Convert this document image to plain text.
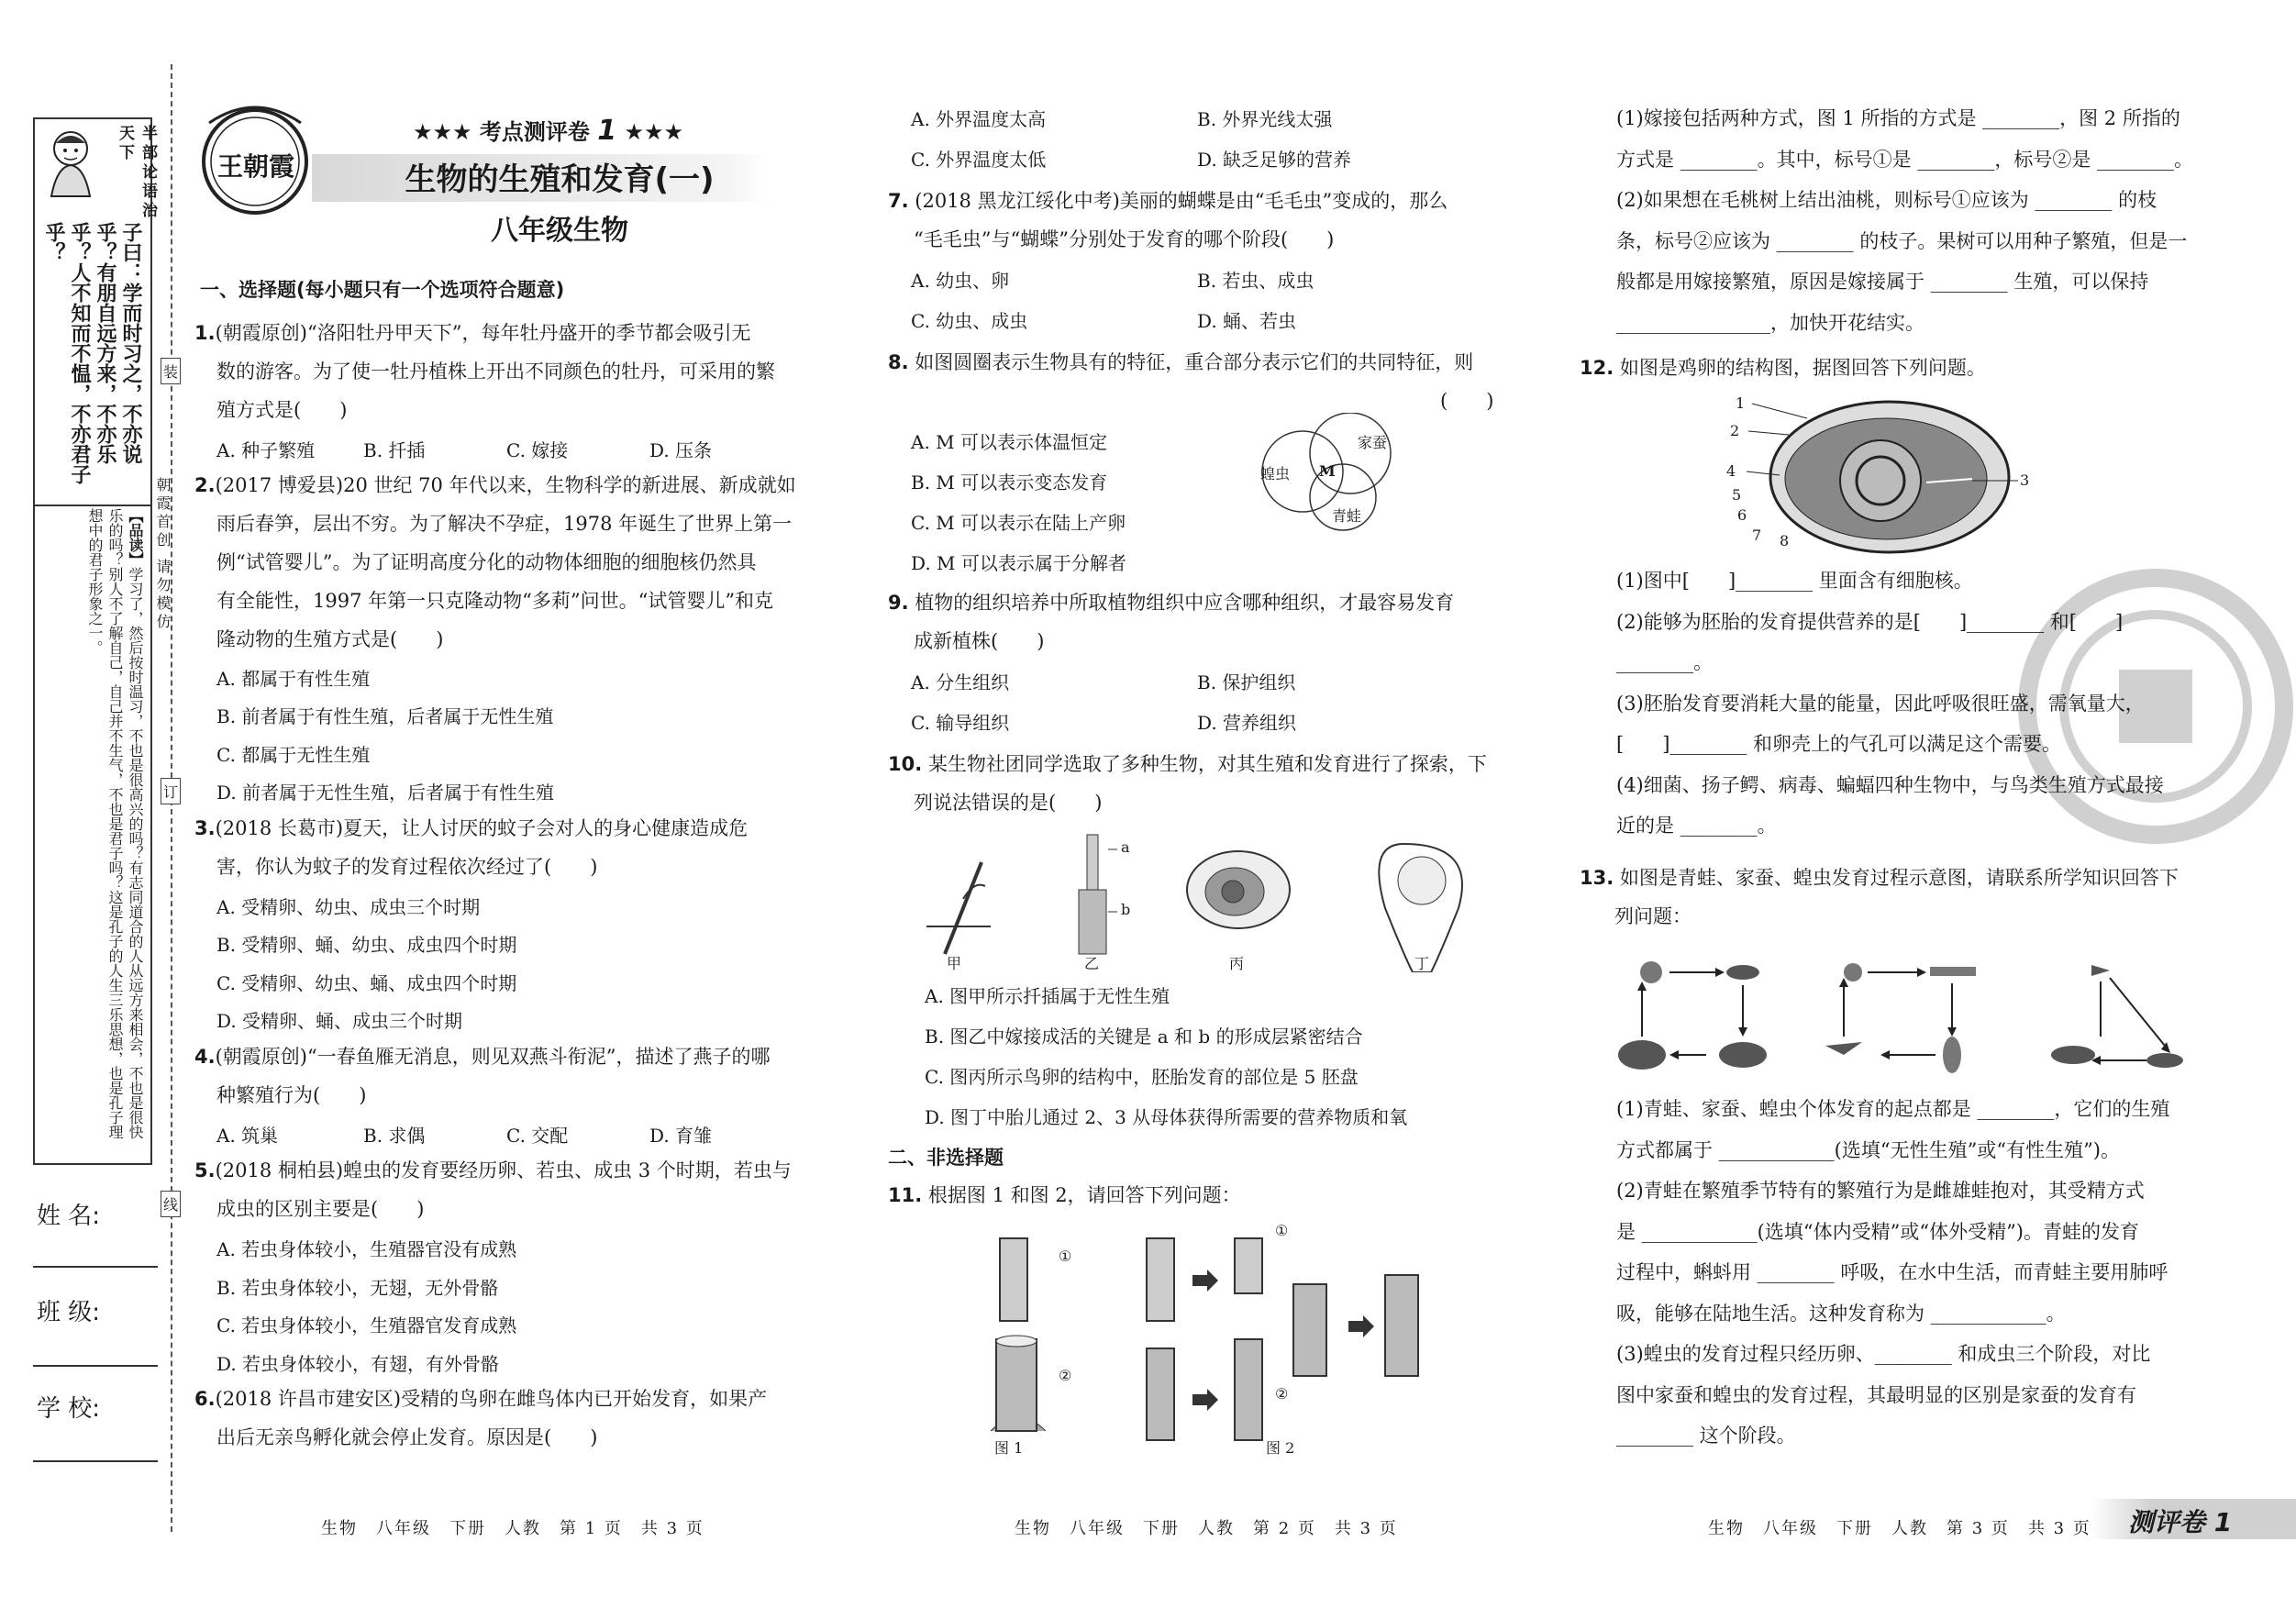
半部论语治天下
子曰：学而时习之，不亦说乎？有朋自远方来，不亦乐乎？人不知而不愠，不亦君子乎？
【品读】学习了，然后按时温习，不也是很高兴的吗？有志同道合的人从远方来相会，不也是很快乐的吗？别人不了解自己，自己并不生气，不也是君子吗？这是孔子的人生三乐思想，也是孔子理想中的君子形象之一。	朝霞首创 请勿模仿
装
订
线
姓 名:
班 级:
学 校:
王朝霞
★★★ 考点测评卷 1 ★★★
生物的生殖和发育(一)
八年级生物
一、选择题(每小题只有一个选项符合题意)
1.(朝霞原创)“洛阳牡丹甲天下”，每年牡丹盛开的季节都会吸引无
数的游客。为了使一牡丹植株上开出不同颜色的牡丹，可采用的繁
殖方式是(　　)
A. 种子繁殖	B. 扦插	C. 嫁接	D. 压条
2.(2017 博爱县)20 世纪 70 年代以来，生物科学的新进展、新成就如
雨后春笋，层出不穷。为了解决不孕症，1978 年诞生了世界上第一
例“试管婴儿”。为了证明高度分化的动物体细胞的细胞核仍然具
有全能性，1997 年第一只克隆动物“多莉”问世。“试管婴儿”和克
隆动物的生殖方式是(　　)
A. 都属于有性生殖
B. 前者属于有性生殖，后者属于无性生殖
C. 都属于无性生殖
D. 前者属于无性生殖，后者属于有性生殖
3.(2018 长葛市)夏天，让人讨厌的蚊子会对人的身心健康造成危
害，你认为蚊子的发育过程依次经过了(　　)
A. 受精卵、幼虫、成虫三个时期
B. 受精卵、蛹、幼虫、成虫四个时期
C. 受精卵、幼虫、蛹、成虫四个时期
D. 受精卵、蛹、成虫三个时期
4.(朝霞原创)“一春鱼雁无消息，则见双燕斗衔泥”，描述了燕子的哪
种繁殖行为(　　)
A. 筑巢	B. 求偶	C. 交配	D. 育雏
5.(2018 桐柏县)蝗虫的发育要经历卵、若虫、成虫 3 个时期，若虫与
成虫的区别主要是(　　)
A. 若虫身体较小，生殖器官没有成熟
B. 若虫身体较小，无翅，无外骨骼
C. 若虫身体较小，生殖器官发育成熟
D. 若虫身体较小，有翅，有外骨骼
6.(2018 许昌市建安区)受精的鸟卵在雌鸟体内已开始发育，如果产
出后无亲鸟孵化就会停止发育。原因是(　　)
A. 外界温度太高	B. 外界光线太强
C. 外界温度太低	D. 缺乏足够的营养
7. (2018 黑龙江绥化中考)美丽的蝴蝶是由“毛毛虫”变成的，那么
“毛毛虫”与“蝴蝶”分别处于发育的哪个阶段(　　)
A. 幼虫、卵	B. 若虫、成虫
C. 幼虫、成虫	D. 蛹、若虫
8. 如图圆圈表示生物具有的特征，重合部分表示它们的共同特征，则
(　　)
A. M 可以表示体温恒定
B. M 可以表示变态发育
C. M 可以表示在陆上产卵
D. M 可以表示属于分解者
蝗虫
家蚕
青蛙
M
9. 植物的组织培养中所取植物组织中应含哪种组织，才最容易发育
成新植株(　　)
A. 分生组织	B. 保护组织
C. 输导组织	D. 营养组织
10. 某生物社团同学选取了多种生物，对其生殖和发育进行了探索，下
列说法错误的是(　　)
a
b
甲	乙	丙	丁
A. 图甲所示扦插属于无性生殖
B. 图乙中嫁接成活的关键是 a 和 b 的形成层紧密结合
C. 图丙所示鸟卵的结构中，胚胎发育的部位是 5 胚盘
D. 图丁中胎儿通过 2、3 从母体获得所需要的营养物质和氧
二、非选择题
11. 根据图 1 和图 2，请回答下列问题：
①
②
①
②
图 1	图 2
(1)嫁接包括两种方式，图 1 所指的方式是 ________，图 2 所指的
方式是 ________。其中，标号①是 ________，标号②是 ________。
(2)如果想在毛桃树上结出油桃，则标号①应该为 ________ 的枝
条，标号②应该为 ________ 的枝子。果树可以用种子繁殖，但是一
般都是用嫁接繁殖，原因是嫁接属于 ________ 生殖，可以保持
________________，加快开花结实。
12. 如图是鸡卵的结构图，据图回答下列问题。
1
2
3
4
5
6
7 8
(1)图中[　　]________ 里面含有细胞核。
(2)能够为胚胎的发育提供营养的是[　　]________ 和[　　]
________。
(3)胚胎发育要消耗大量的能量，因此呼吸很旺盛，需氧量大，
[　　]________ 和卵壳上的气孔可以满足这个需要。
(4)细菌、扬子鳄、病毒、蝙蝠四种生物中，与鸟类生殖方式最接
近的是 ________。
13. 如图是青蛙、家蚕、蝗虫发育过程示意图，请联系所学知识回答下
列问题：
(1)青蛙、家蚕、蝗虫个体发育的起点都是 ________，它们的生殖
方式都属于 ____________(选填“无性生殖”或“有性生殖”)。
(2)青蛙在繁殖季节特有的繁殖行为是雌雄蛙抱对，其受精方式
是 ____________(选填“体内受精”或“体外受精”)。青蛙的发育
过程中，蝌蚪用 ________ 呼吸，在水中生活，而青蛙主要用肺呼
吸，能够在陆地生活。这种发育称为 ____________。
(3)蝗虫的发育过程只经历卵、________ 和成虫三个阶段，对比
图中家蚕和蝗虫的发育过程，其最明显的区别是家蚕的发育有
________ 这个阶段。
生物　八年级　下册　人教　第 1 页　共 3 页	生物　八年级　下册　人教　第 2 页　共 3 页	生物　八年级　下册　人教　第 3 页　共 3 页 测评卷 1
